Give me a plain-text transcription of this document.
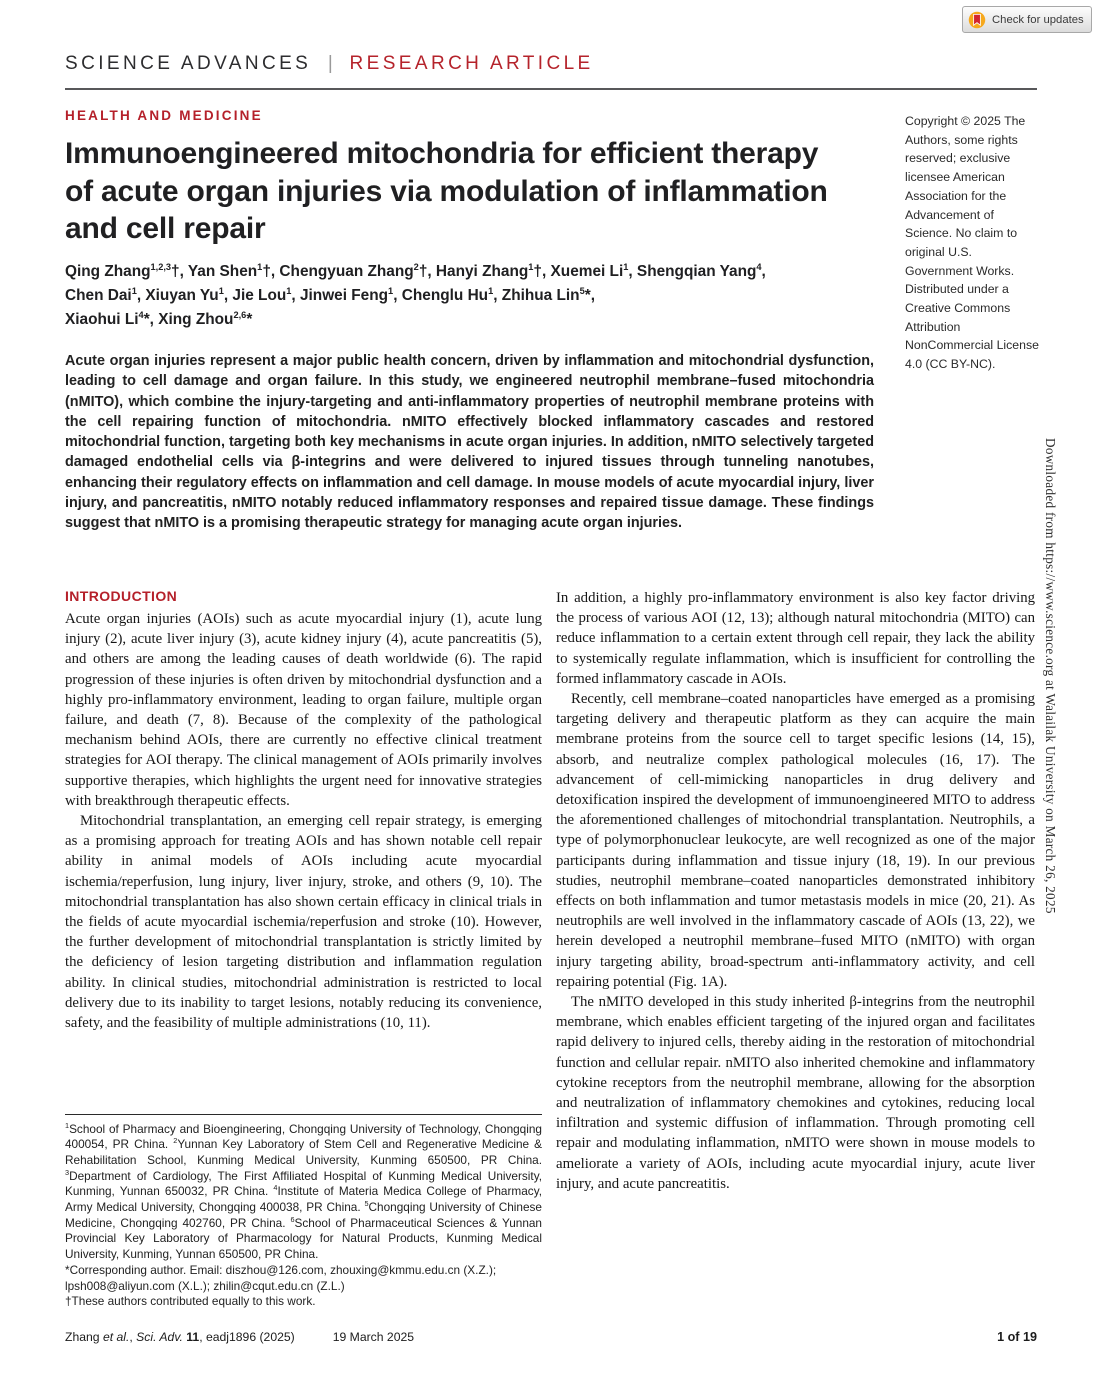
Check for updates
SCIENCE ADVANCES | RESEARCH ARTICLE
HEALTH AND MEDICINE
Immunoengineered mitochondria for efficient therapy
of acute organ injuries via modulation of inflammation
and cell repair
Qing Zhang$^{1,2,3}$†, Yan Shen$^1$†, Chengyuan Zhang$^2$†, Hanyi Zhang$^1$†, Xuemei Li$^1$, Shengqian Yang$^4$,
Chen Dai$^1$, Xiuyan Yu$^1$, Jie Lou$^1$, Jinwei Feng$^1$, Chenglu Hu$^1$, Zhihua Lin$^5$*,
Xiaohui Li$^4$*, Xing Zhou$^{2,6}$*
Acute organ injuries represent a major public health concern, driven by inflammation and mitochondrial dysfunction, leading to cell damage and organ failure. In this study, we engineered neutrophil membrane–fused mitochondria (nMITO), which combine the injury-targeting and anti-inflammatory properties of neutrophil membrane proteins with the cell repairing function of mitochondria. nMITO effectively blocked inflammatory cascades and restored mitochondrial function, targeting both key mechanisms in acute organ injuries. In addition, nMITO selectively targeted damaged endothelial cells via β-integrins and were delivered to injured tissues through tunneling nanotubes, enhancing their regulatory effects on inflammation and cell damage. In mouse models of acute myocardial injury, liver injury, and pancreatitis, nMITO notably reduced inflammatory responses and repaired tissue damage. These findings suggest that nMITO is a promising therapeutic strategy for managing acute organ injuries.
Copyright © 2025 The Authors, some rights reserved; exclusive licensee American Association for the Advancement of Science. No claim to original U.S. Government Works. Distributed under a Creative Commons Attribution NonCommercial License 4.0 (CC BY-NC).
INTRODUCTION

Acute organ injuries (AOIs) such as acute myocardial injury (1), acute lung injury (2), acute liver injury (3), acute kidney injury (4), acute pancreatitis (5), and others are among the leading causes of death worldwide (6). The rapid progression of these injuries is often driven by mitochondrial dysfunction and a highly pro-inflammatory environment, leading to organ failure, multiple organ failure, and death (7, 8). Because of the complexity of the pathological mechanism behind AOIs, there are currently no effective clinical treatment strategies for AOI therapy. The clinical management of AOIs primarily involves supportive therapies, which highlights the urgent need for innovative strategies with breakthrough therapeutic effects.

Mitochondrial transplantation, an emerging cell repair strategy, is emerging as a promising approach for treating AOIs and has shown notable cell repair ability in animal models of AOIs including acute myocardial ischemia/reperfusion, lung injury, liver injury, stroke, and others (9, 10). The mitochondrial transplantation has also shown certain efficacy in clinical trials in the fields of acute myocardial ischemia/reperfusion and stroke (10). However, the further development of mitochondrial transplantation is strictly limited by the deficiency of lesion targeting distribution and inflammation regulation ability. In clinical studies, mitochondrial administration is restricted to local delivery due to its inability to target lesions, notably reducing its convenience, safety, and the feasibility of multiple administrations (10, 11).

$^1$School of Pharmacy and Bioengineering, Chongqing University of Technology, Chongqing 400054, PR China. $^2$Yunnan Key Laboratory of Stem Cell and Regenerative Medicine & Rehabilitation School, Kunming Medical University, Kunming 650500, PR China. $^3$Department of Cardiology, The First Affiliated Hospital of Kunming Medical University, Kunming, Yunnan 650032, PR China. $^4$Institute of Materia Medica College of Pharmacy, Army Medical University, Chongqing 400038, PR China. $^5$Chongqing University of Chinese Medicine, Chongqing 402760, PR China. $^6$School of Pharmaceutical Sciences & Yunnan Provincial Key Laboratory of Pharmacology for Natural Products, Kunming Medical University, Kunming, Yunnan 650500, PR China.
*Corresponding author. Email: diszhou@126.com, zhouxing@kmmu.edu.cn (X.Z.); lpsh008@aliyun.com (X.L.); zhilin@cqut.edu.cn (Z.L.)
†These authors contributed equally to this work.

In addition, a highly pro-inflammatory environment is also key factor driving the process of various AOI (12, 13); although natural mitochondria (MITO) can reduce inflammation to a certain extent through cell repair, they lack the ability to systemically regulate inflammation, which is insufficient for controlling the formed inflammatory cascade in AOIs.

Recently, cell membrane–coated nanoparticles have emerged as a promising targeting delivery and therapeutic platform as they can acquire the main membrane proteins from the source cell to target specific lesions (14, 15), absorb, and neutralize complex pathological molecules (16, 17). The advancement of cell-mimicking nanoparticles in drug delivery and detoxification inspired the development of immunoengineered MITO to address the aforementioned challenges of mitochondrial transplantation. Neutrophils, a type of polymorphonuclear leukocyte, are well recognized as one of the major participants during inflammation and tissue injury (18, 19). In our previous studies, neutrophil membrane–coated nanoparticles demonstrated inhibitory effects on both inflammation and tumor metastasis models in mice (20, 21). As neutrophils are well involved in the inflammatory cascade of AOIs (13, 22), we herein developed a neutrophil membrane–fused MITO (nMITO) with organ injury targeting ability, broad-spectrum anti-inflammatory activity, and cell repairing potential (Fig. 1A).

The nMITO developed in this study inherited β-integrins from the neutrophil membrane, which enables efficient targeting of the injured organ and facilitates rapid delivery to injured cells, thereby aiding in the restoration of mitochondrial function and cellular repair. nMITO also inherited chemokine and inflammatory cytokine receptors from the neutrophil membrane, allowing for the absorption and neutralization of inflammatory chemokines and cytokines, reducing local infiltration and systemic diffusion of inflammation. Through promoting cell repair and modulating inflammation, nMITO were shown in mouse models to ameliorate a variety of AOIs, including acute myocardial injury, acute liver injury, and acute pancreatitis.

Zhang et al., Sci. Adv. 11, eadj1896 (2025)	19 March 2025	1 of 19
Downloaded from https://www.science.org at Walailak University on March 26, 2025
